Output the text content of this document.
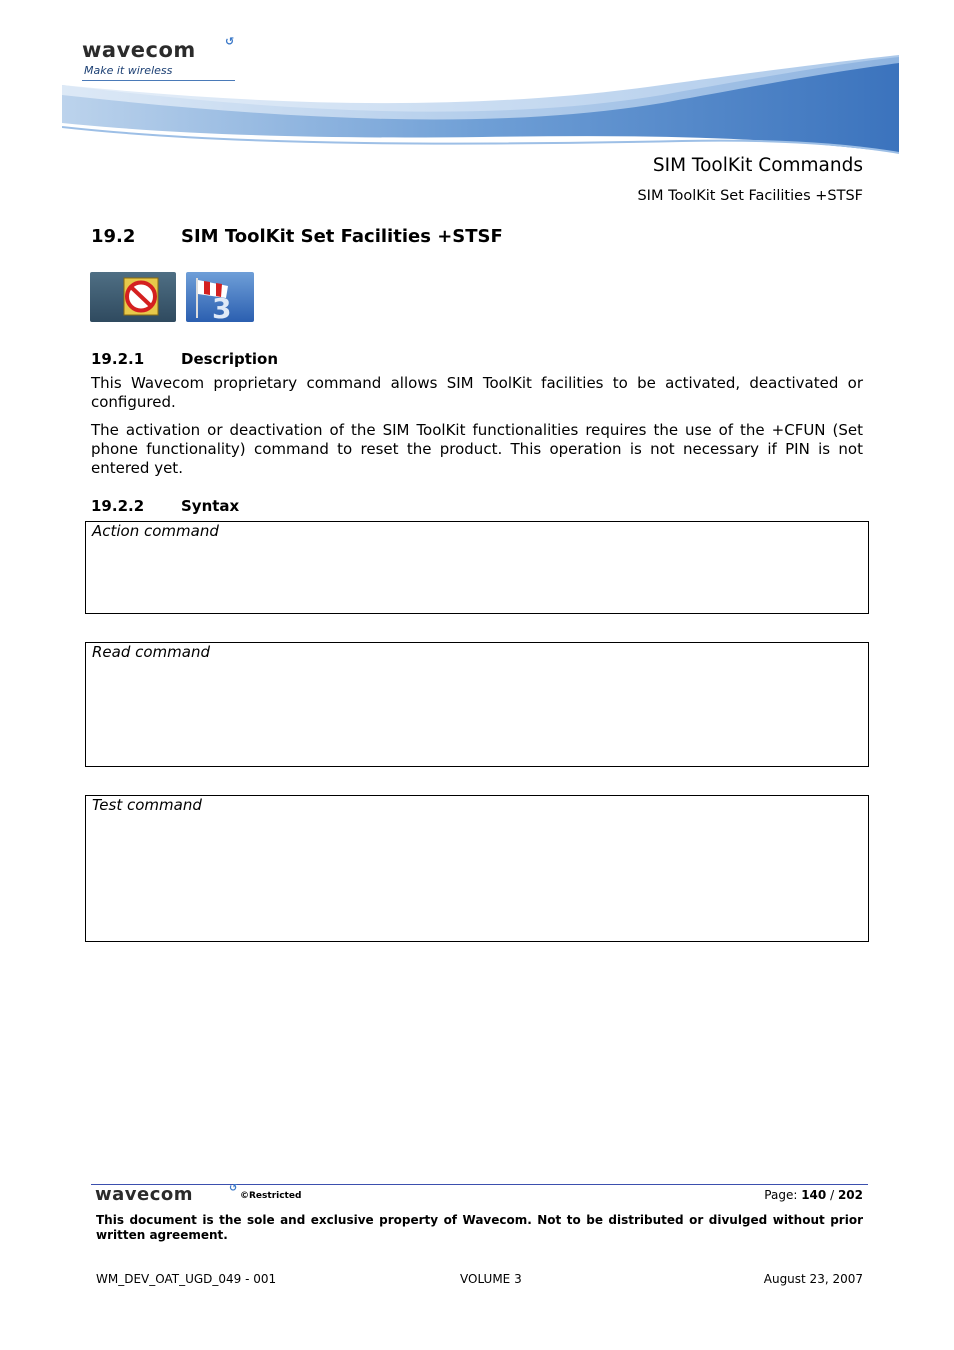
wavecom	↺
Make it wireless
SIM ToolKit Commands
SIM ToolKit Set Facilities +STSF
19.2	SIM ToolKit Set Facilities +STSF
3
19.2.1 Description
This Wavecom proprietary command allows SIM ToolKit facilities to be activated, deactivated or configured.
The activation or deactivation of the SIM ToolKit functionalities requires the use of the +CFUN (Set phone functionality) command to reset the product. This operation is not necessary if PIN is not entered yet.
19.2.2 Syntax
Action command
Read command
Test command
wavecom	↺
©Restricted	Page: 140 / 202
This document is the sole and exclusive property of Wavecom. Not to be distributed or divulged without prior written agreement.
WM_DEV_OAT_UGD_049 - 001	VOLUME 3	August 23, 2007
